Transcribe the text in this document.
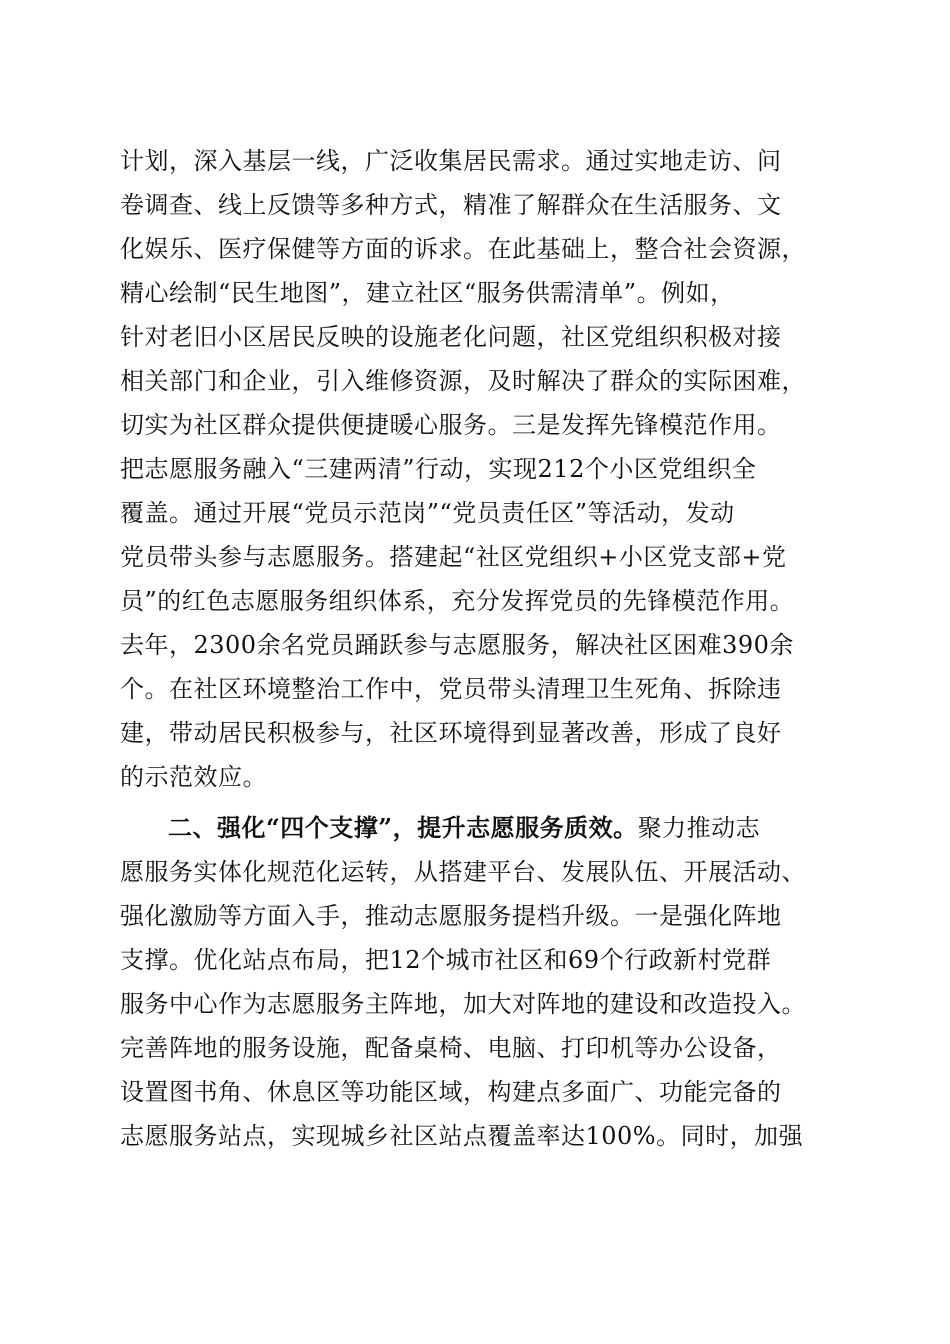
计划，深入基层一线，广泛收集居民需求。通过实地走访、问
卷调查、线上反馈等多种方式，精准了解群众在生活服务、文
化娱乐、医疗保健等方面的诉求。在此基础上，整合社会资源，
精心绘制“民生地图”，建立社区“服务供需清单”。例如，
针对老旧小区居民反映的设施老化问题，社区党组织积极对接
相关部门和企业，引入维修资源，及时解决了群众的实际困难，
切实为社区群众提供便捷暖心服务。三是发挥先锋模范作用。
把志愿服务融入“三建两清”行动，实现212个小区党组织全
覆盖。通过开展“党员示范岗”“党员责任区”等活动，发动
党员带头参与志愿服务。搭建起“社区党组织+小区党支部+党
员”的红色志愿服务组织体系，充分发挥党员的先锋模范作用。
去年，2300余名党员踊跃参与志愿服务，解决社区困难390余
个。在社区环境整治工作中，党员带头清理卫生死角、拆除违
建，带动居民积极参与，社区环境得到显著改善，形成了良好
的示范效应。
二、强化“四个支撑”，提升志愿服务质效。聚力推动志
愿服务实体化规范化运转，从搭建平台、发展队伍、开展活动、
强化激励等方面入手，推动志愿服务提档升级。一是强化阵地
支撑。优化站点布局，把12个城市社区和69个行政新村党群
服务中心作为志愿服务主阵地，加大对阵地的建设和改造投入。
完善阵地的服务设施，配备桌椅、电脑、打印机等办公设备，
设置图书角、休息区等功能区域，构建点多面广、功能完备的
志愿服务站点，实现城乡社区站点覆盖率达100%。同时，加强
